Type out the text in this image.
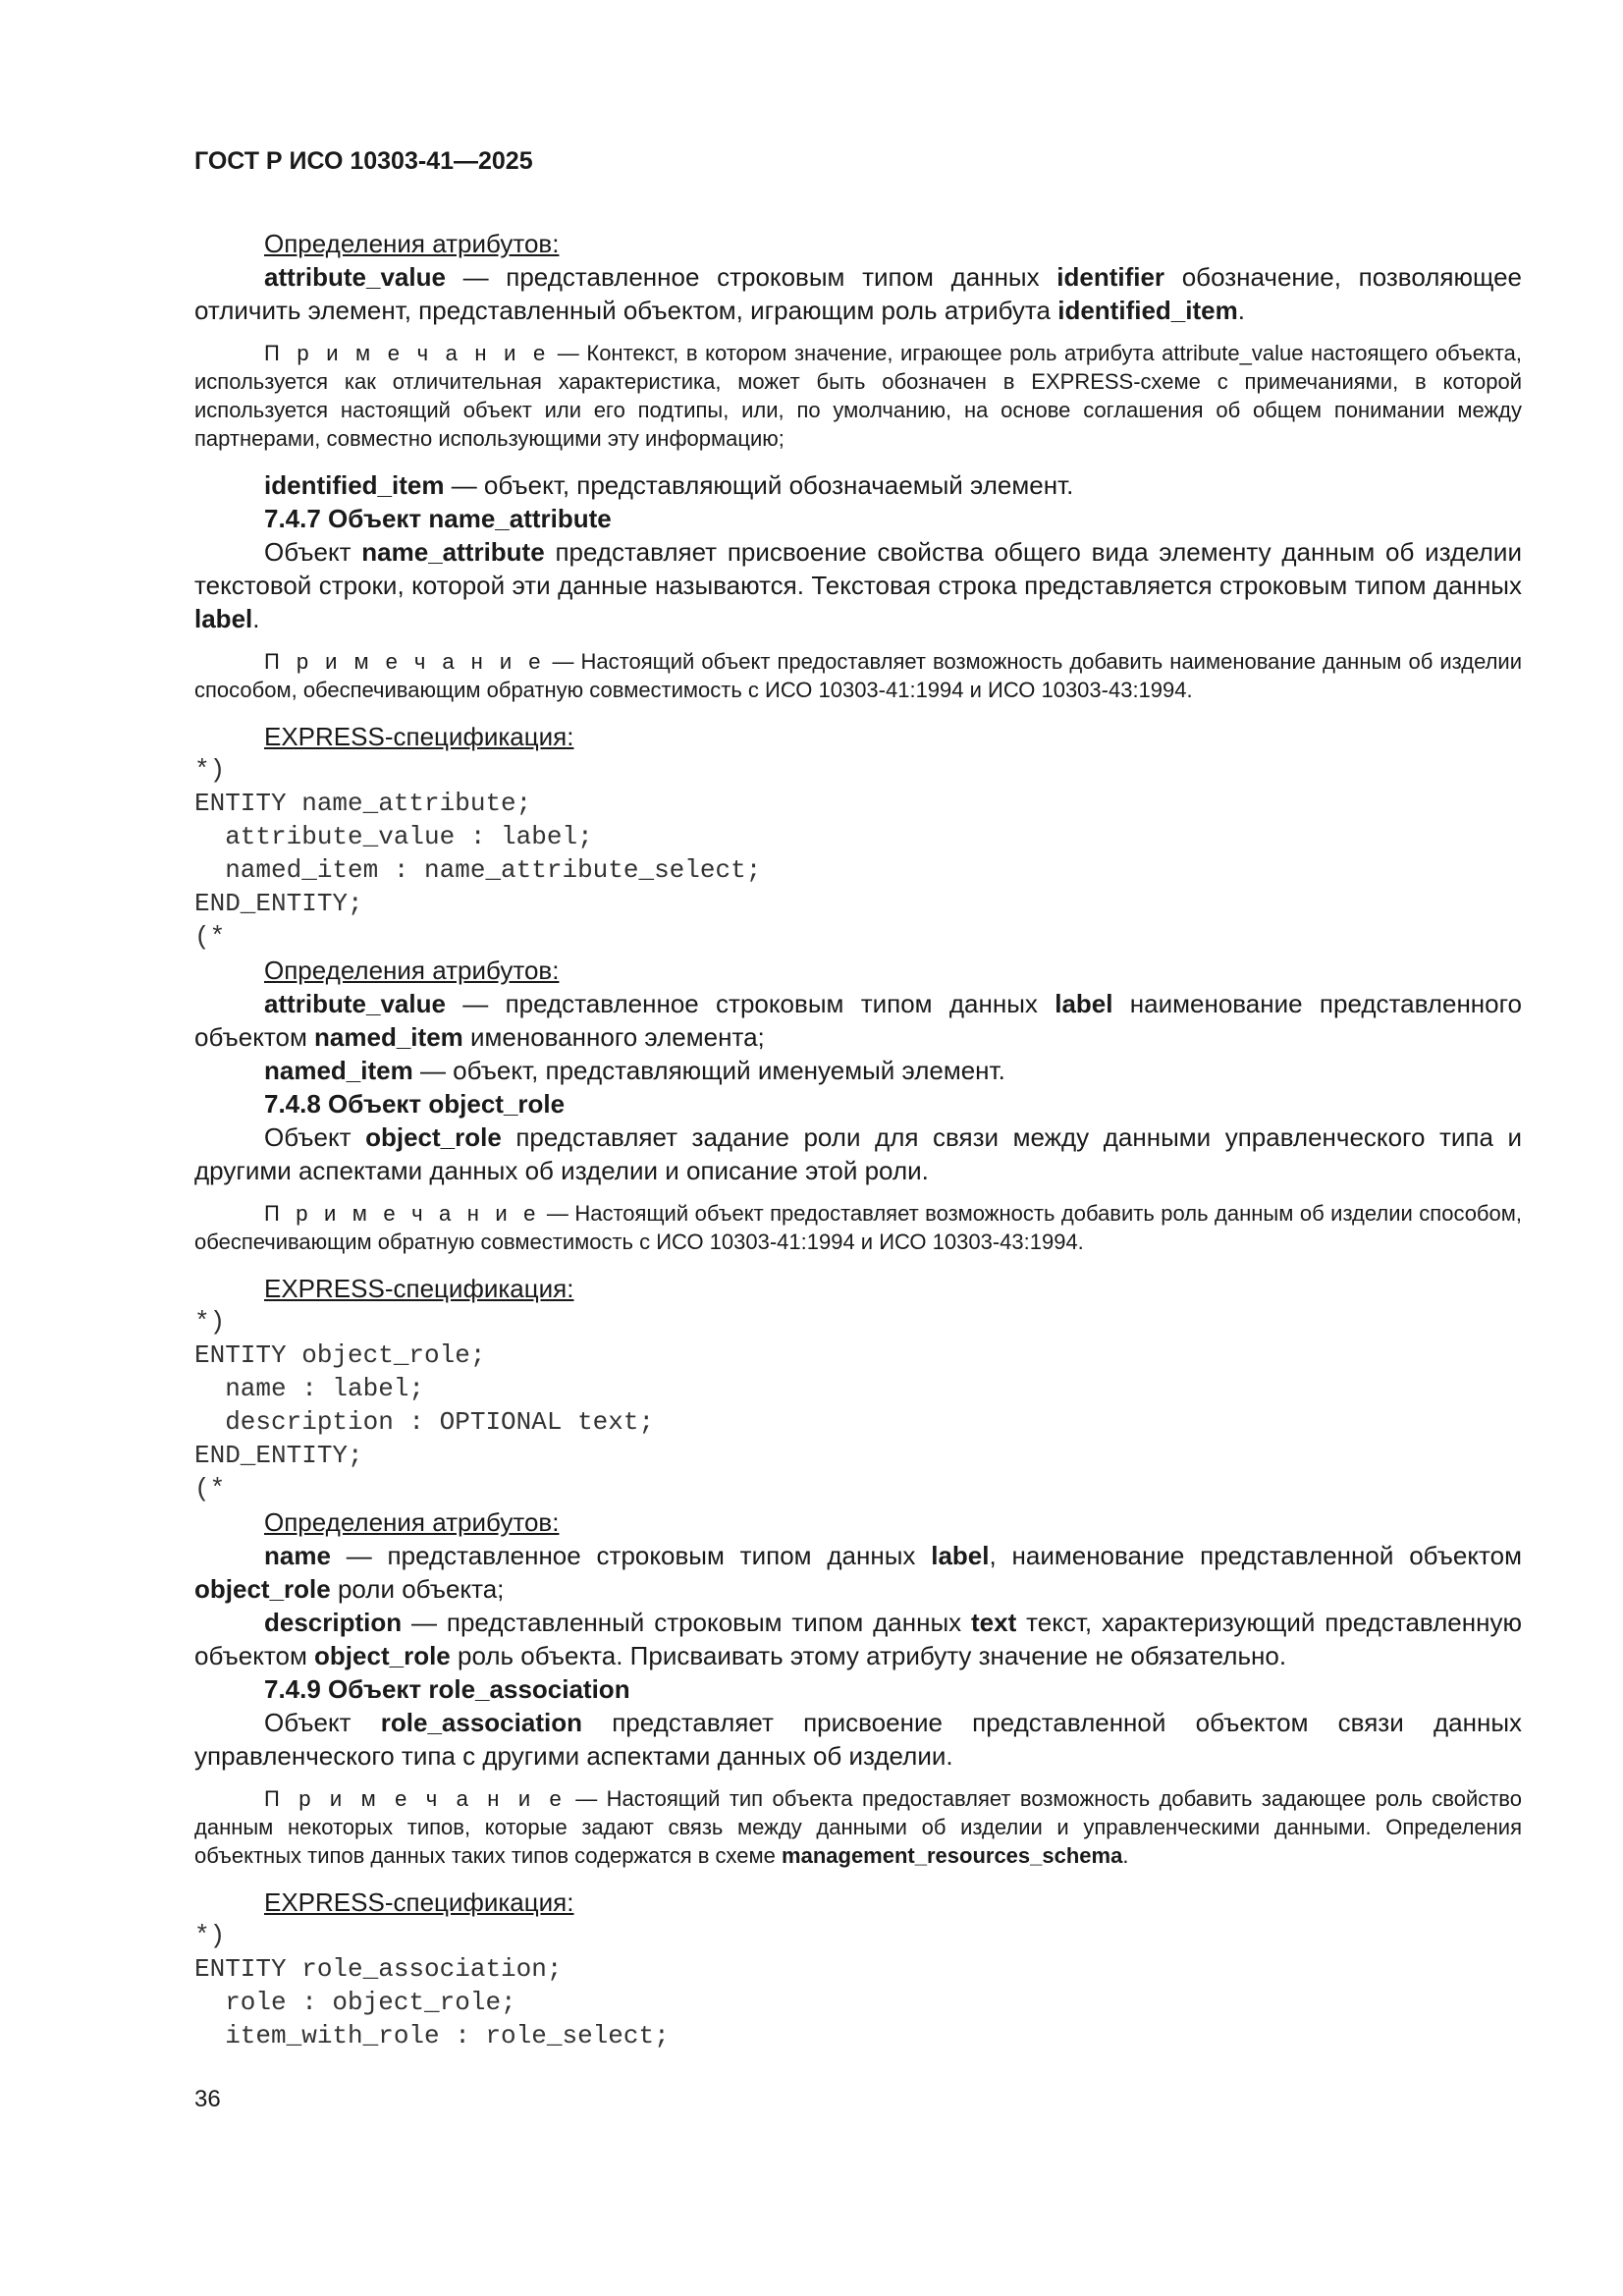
ГОСТ Р ИСО 10303-41—2025

Определения атрибутов:

attribute_value — представленное строковым типом данных identifier обозначение, позволяющее отличить элемент, представленный объектом, играющим роль атрибута identified_item.

П р и м е ч а н и е — Контекст, в котором значение, играющее роль атрибута attribute_value настоящего объекта, используется как отличительная характеристика, может быть обозначен в EXPRESS-схеме с примечаниями, в которой используется настоящий объект или его подтипы, или, по умолчанию, на основе соглашения об общем понимании между партнерами, совместно использующими эту информацию;

identified_item — объект, представляющий обозначаемый элемент.

7.4.7 Объект name_attribute

Объект name_attribute представляет присвоение свойства общего вида элементу данным об изделии текстовой строки, которой эти данные называются. Текстовая строка представляется строковым типом данных label.

П р и м е ч а н и е — Настоящий объект предоставляет возможность добавить наименование данным об изделии способом, обеспечивающим обратную совместимость с ИСО 10303-41:1994 и ИСО 10303-43:1994.

EXPRESS-спецификация:

*)
ENTITY name_attribute;
attribute_value : label;
named_item : name_attribute_select;
END_ENTITY;
(*

Определения атрибутов:

attribute_value — представленное строковым типом данных label наименование представленного объектом named_item именованного элемента;

named_item — объект, представляющий именуемый элемент.

7.4.8 Объект object_role

Объект object_role представляет задание роли для связи между данными управленческого типа и другими аспектами данных об изделии и описание этой роли.

П р и м е ч а н и е — Настоящий объект предоставляет возможность добавить роль данным об изделии способом, обеспечивающим обратную совместимость с ИСО 10303-41:1994 и ИСО 10303-43:1994.

EXPRESS-спецификация:

*)
ENTITY object_role;
name : label;
description : OPTIONAL text;
END_ENTITY;
(*

Определения атрибутов:

name — представленное строковым типом данных label, наименование представленной объектом object_role роли объекта;

description — представленный строковым типом данных text текст, характеризующий представленную объектом object_role роль объекта. Присваивать этому атрибуту значение не обязательно.

7.4.9 Объект role_association

Объект role_association представляет присвоение представленной объектом связи данных управленческого типа с другими аспектами данных об изделии.

П р и м е ч а н и е — Настоящий тип объекта предоставляет возможность добавить задающее роль свойство данным некоторых типов, которые задают связь между данными об изделии и управленческими данными. Определения объектных типов данных таких типов содержатся в схеме management_resources_schema.

EXPRESS-спецификация:

*)
ENTITY role_association;
role : object_role;
item_with_role : role_select;
36
